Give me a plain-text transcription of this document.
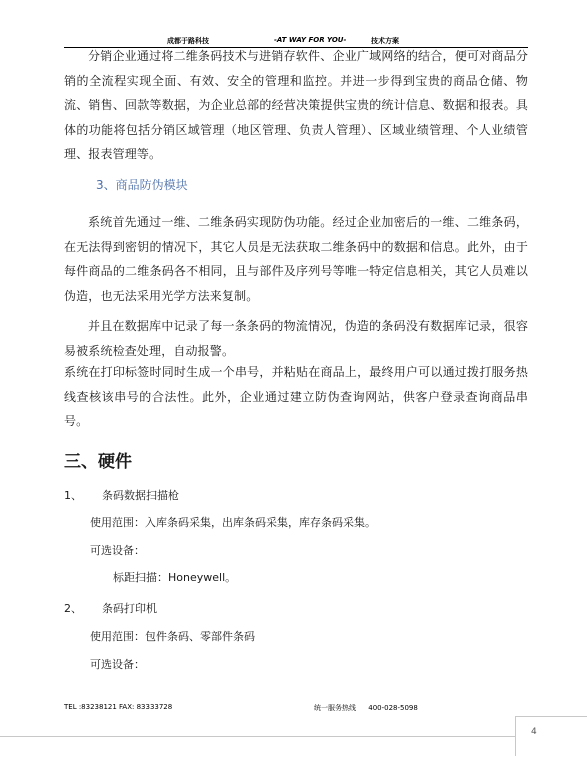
成都于路科技	-AT WAY FOR YOU-	技术方案

分销企业通过将二维条码技术与进销存软件、企业广域网络的结合，便可对商品分销的全流程实现全面、有效、安全的管理和监控。并进一步得到宝贵的商品仓储、物流、销售、回款等数据，为企业总部的经营决策提供宝贵的统计信息、数据和报表。具体的功能将包括分销区域管理（地区管理、负责人管理）、区域业绩管理、个人业绩管理、报表管理等。

3、商品防伪模块

系统首先通过一维、二维条码实现防伪功能。经过企业加密后的一维、二维条码，在无法得到密钥的情况下，其它人员是无法获取二维条码中的数据和信息。此外，由于每件商品的二维条码各不相同，且与部件及序列号等唯一特定信息相关，其它人员难以伪造，也无法采用光学方法来复制。

并且在数据库中记录了每一条条码的物流情况，伪造的条码没有数据库记录，很容易被系统检查处理，自动报警。

系统在打印标签时同时生成一个串号，并粘贴在商品上，最终用户可以通过拨打服务热线查核该串号的合法性。此外，企业通过建立防伪查询网站，供客户登录查询商品串号。

三、硬件

1、 条码数据扫描枪

使用范围：入库条码采集，出库条码采集，库存条码采集。

可选设备：

标距扫描：Honeywell。

2、 条码打印机

使用范围：包件条码、零部件条码

可选设备：

TEL :83238121 FAX: 83333728	统一服务热线 400-028-5098
4
